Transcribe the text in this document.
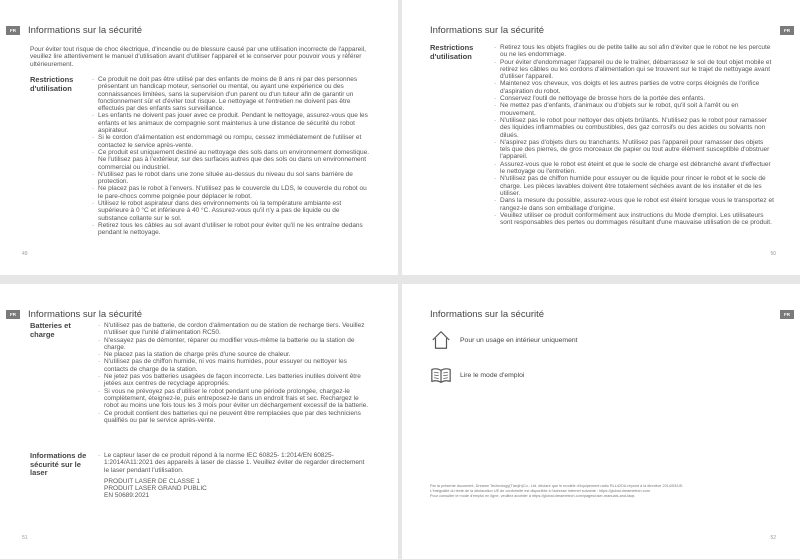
FR	Informations sur la sécurité

Pour éviter tout risque de choc électrique, d'incendie ou de blessure causé par une utilisation incorrecte de l'appareil, veuillez lire attentivement le manuel d'utilisation avant d'utiliser l'appareil et le conserver pour pouvoir vous y référer ultérieurement.

Restrictions d'utilisation
· Ce produit ne doit pas être utilisé par des enfants de moins de 8 ans ni par des personnes présentant un handicap moteur, sensoriel ou mental, ou ayant une expérience ou des connaissances limitées, sans la supervision d'un parent ou d'un tuteur afin de garantir un fonctionnement sûr et d'éviter tout risque. Le nettoyage et l'entretien ne doivent pas être effectués par des enfants sans surveillance.
· Les enfants ne doivent pas jouer avec ce produit. Pendant le nettoyage, assurez-vous que les enfants et les animaux de compagnie sont maintenus à une distance de sécurité du robot aspirateur.
· Si le cordon d'alimentation est endommagé ou rompu, cessez immédiatement de l'utiliser et contactez le service après-vente.
· Ce produit est uniquement destiné au nettoyage des sols dans un environnement domestique. Ne l'utilisez pas à l'extérieur, sur des surfaces autres que des sols ou dans un environnement commercial ou industriel.
· N'utilisez pas le robot dans une zone située au-dessus du niveau du sol sans barrière de protection.
· Ne placez pas le robot à l'envers. N'utilisez pas le couvercle du LDS, le couvercle du robot ou le pare-chocs comme poignée pour déplacer le robot.
· Utilisez le robot aspirateur dans des environnements où la température ambiante est supérieure à 0 °C et inférieure à 40 °C. Assurez-vous qu'il n'y a pas de liquide ou de substance collante sur le sol.
· Retirez tous les câbles au sol avant d'utiliser le robot pour éviter qu'il ne les entraîne dedans pendant le nettoyage.
49
FR
Informations sur la sécurité
Restrictions d'utilisation
· Retirez tous les objets fragiles ou de petite taille au sol afin d'éviter que le robot ne les percute ou ne les endommage.
· Pour éviter d'endommager l'appareil ou de le traîner, débarrassez le sol de tout objet mobile et retirez les câbles ou les cordons d'alimentation qui se trouvent sur le trajet de nettoyage avant d'utiliser l'appareil.
· Maintenez vos cheveux, vos doigts et les autres parties de votre corps éloignés de l'orifice d'aspiration du robot.
· Conservez l'outil de nettoyage de brosse hors de la portée des enfants.
· Ne mettez pas d'enfants, d'animaux ou d'objets sur le robot, qu'il soit à l'arrêt ou en mouvement.
· N'utilisez pas le robot pour nettoyer des objets brûlants. N'utilisez pas le robot pour ramasser des liquides inflammables ou combustibles, des gaz corrosifs ou des acides ou solvants non dilués.
· N'aspirez pas d'objets durs ou tranchants. N'utilisez pas l'appareil pour ramasser des objets tels que des pierres, de gros morceaux de papier ou tout autre élément susceptible d'obstruer l'appareil.
· Assurez-vous que le robot est éteint et que le socle de charge est débranché avant d'effectuer le nettoyage ou l'entretien.
· N'utilisez pas de chiffon humide pour essuyer ou de liquide pour rincer le robot et le socle de charge. Les pièces lavables doivent être totalement séchées avant de les installer et de les utiliser.
· Dans la mesure du possible, assurez-vous que le robot est éteint lorsque vous le transportez et rangez-le dans son emballage d'origine.
· Veuillez utiliser ce produit conformément aux instructions du Mode d'emploi. Les utilisateurs sont responsables des pertes ou dommages résultant d'une mauvaise utilisation de ce produit.
50
FR	Informations sur la sécurité
Batteries et charge
· N'utilisez pas de batterie, de cordon d'alimentation ou de station de recharge tiers. Veuillez n'utiliser que l'unité d'alimentation RC50.
· N'essayez pas de démonter, réparer ou modifier vous-même la batterie ou la station de charge.
· Ne placez pas la station de charge près d'une source de chaleur.
· N'utilisez pas de chiffon humide, ni vos mains humides, pour essuyer ou nettoyer les contacts de charge de la station.
· Ne jetez pas vos batteries usagées de façon incorrecte. Les batteries inutiles doivent être jetées aux centres de recyclage appropriés.
· Si vous ne prévoyez pas d'utiliser le robot pendant une période prolongée, chargez-le complètement, éteignez-le, puis entreposez-le dans un endroit frais et sec. Rechargez le robot au moins une fois tous les 3 mois pour éviter un déchargement excessif de la batterie.
· Ce produit contient des batteries qui ne peuvent être remplacées que par des techniciens qualifiés ou par le service après-vente.
Informations de sécurité sur le laser
· Le capteur laser de ce produit répond à la norme IEC 60825- 1:2014/EN 60825-1:2014/A11:2021 des appareils à laser de classe 1. Veuillez éviter de regarder directement le laser pendant l'utilisation.
PRODUIT LASER DE CLASSE 1
PRODUIT LASER GRAND PUBLIC
EN 50689:2021
51
FR
Informations sur la sécurité
Pour un usage en intérieur uniquement
Lire le mode d'emploi
Par la présente document, Dreame Technology(Tianjin)Co., Ltd. déclare que le modèle d'équipement radio RLL42DA répond à la directive 2014/53/UE.
L'intégralité du texte de la déclaration UE de conformité est disponible à l'adresse Internet suivante : https://global.dreametech.com
Pour consulter le mode d'emploi en ligne, veuillez accéder à https://global.dreametech.com/pages/user-manuals-and-faqs
52
